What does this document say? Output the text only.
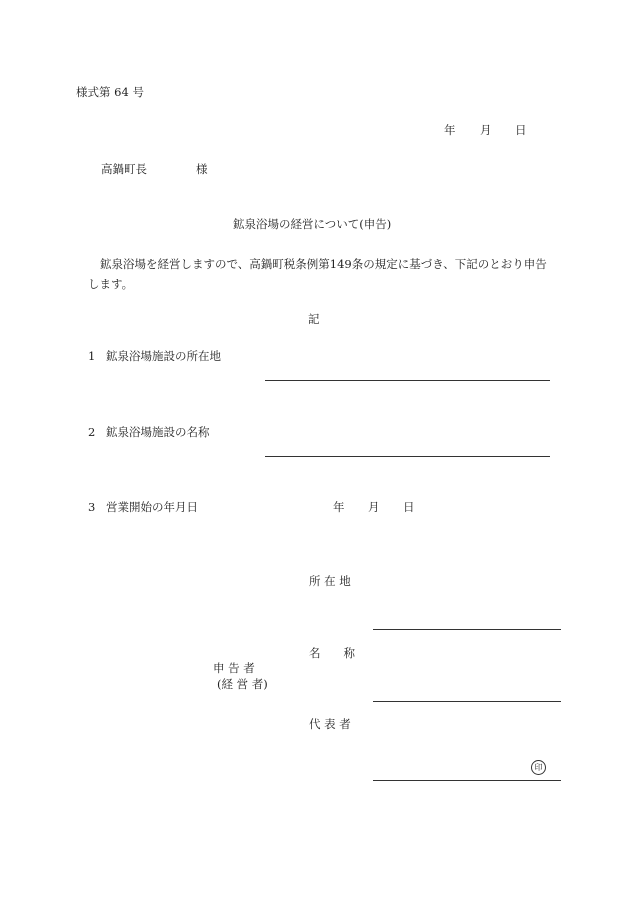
様式第 64 号
年 月 日
高鍋町長	様
鉱泉浴場の経営について(申告)
鉱泉浴場を経営しますので、高鍋町税条例第149条の規定に基づき、下記のとおり申告します。
記
1 鉱泉浴場施設の所在地
2 鉱泉浴場施設の名称
3 営業開始の年月日	年 月 日
所 在 地
名　　称
申 告 者
(経 営 者)
代 表 者
印
